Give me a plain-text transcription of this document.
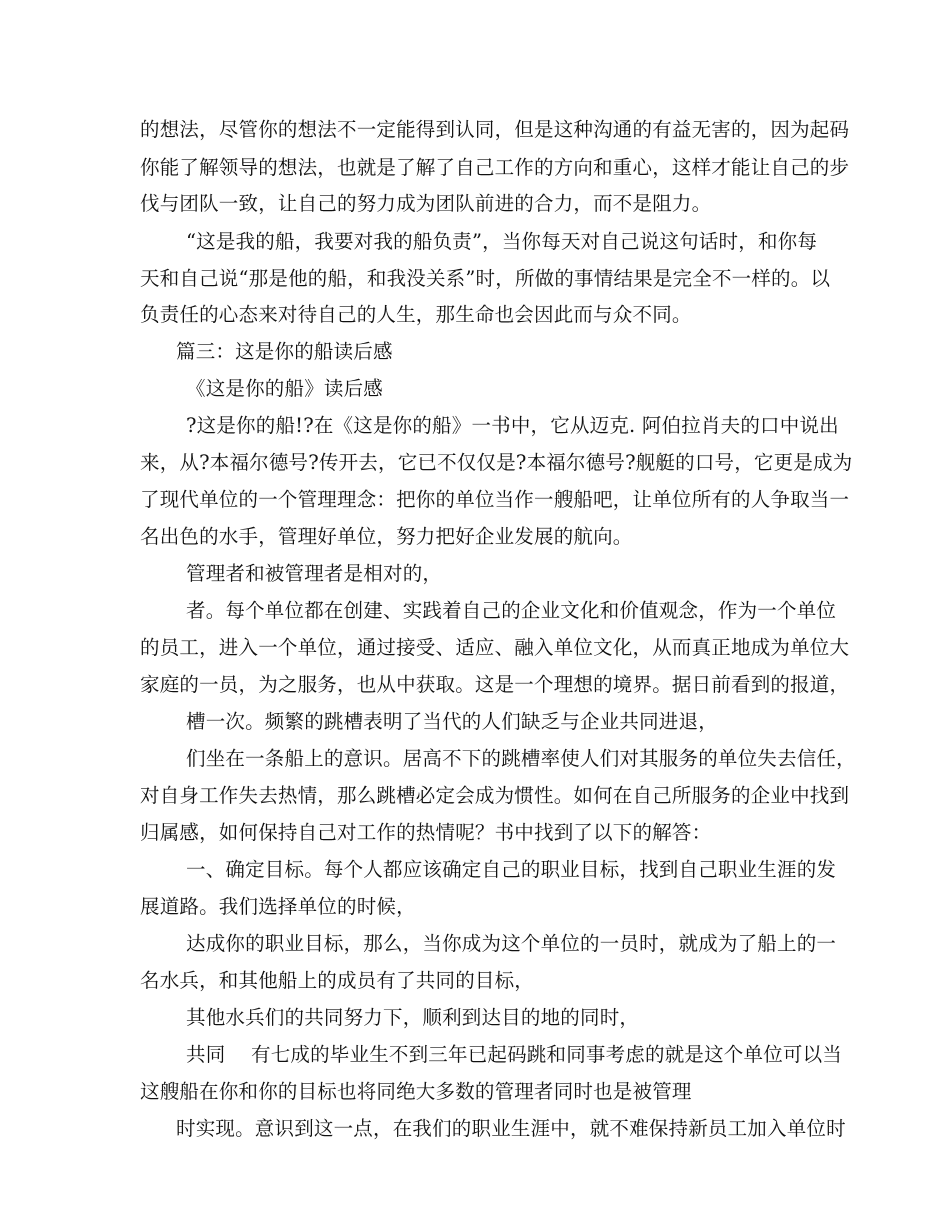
的想法，尽管你的想法不一定能得到认同，但是这种沟通的有益无害的，因为起码
你能了解领导的想法，也就是了解了自己工作的方向和重心，这样才能让自己的步
伐与团队一致，让自己的努力成为团队前进的合力，而不是阻力。
“这是我的船，我要对我的船负责”，当你每天对自己说这句话时，和你每
天和自己说“那是他的船，和我没关系”时，所做的事情结果是完全不一样的。以
负责任的心态来对待自己的人生，那生命也会因此而与众不同。
篇三：这是你的船读后感
《这是你的船》读后感
?这是你的船!?在《这是你的船》一书中，它从迈克. 阿伯拉肖夫的口中说出
来，从?本福尔德号?传开去，它已不仅仅是?本福尔德号?舰艇的口号，它更是成为
了现代单位的一个管理理念：把你的单位当作一艘船吧，让单位所有的人争取当一
名出色的水手，管理好单位，努力把好企业发展的航向。
管理者和被管理者是相对的，
者。每个单位都在创建、实践着自己的企业文化和价值观念，作为一个单位
的员工，进入一个单位，通过接受、适应、融入单位文化，从而真正地成为单位大
家庭的一员，为之服务，也从中获取。这是一个理想的境界。据日前看到的报道，
槽一次。频繁的跳槽表明了当代的人们缺乏与企业共同进退，
们坐在一条船上的意识。居高不下的跳槽率使人们对其服务的单位失去信任，
对自身工作失去热情，那么跳槽必定会成为惯性。如何在自己所服务的企业中找到
归属感，如何保持自己对工作的热情呢？书中找到了以下的解答：
一、确定目标。每个人都应该确定自己的职业目标，找到自己职业生涯的发
展道路。我们选择单位的时候，
达成你的职业目标，那么，当你成为这个单位的一员时，就成为了船上的一
名水兵，和其他船上的成员有了共同的目标，
其他水兵们的共同努力下，顺利到达目的地的同时，
共同    有七成的毕业生不到三年已起码跳和同事考虑的就是这个单位可以当
这艘船在你和你的目标也将同绝大多数的管理者同时也是被管理
时实现。意识到这一点，在我们的职业生涯中，就不难保持新员工加入单位时
